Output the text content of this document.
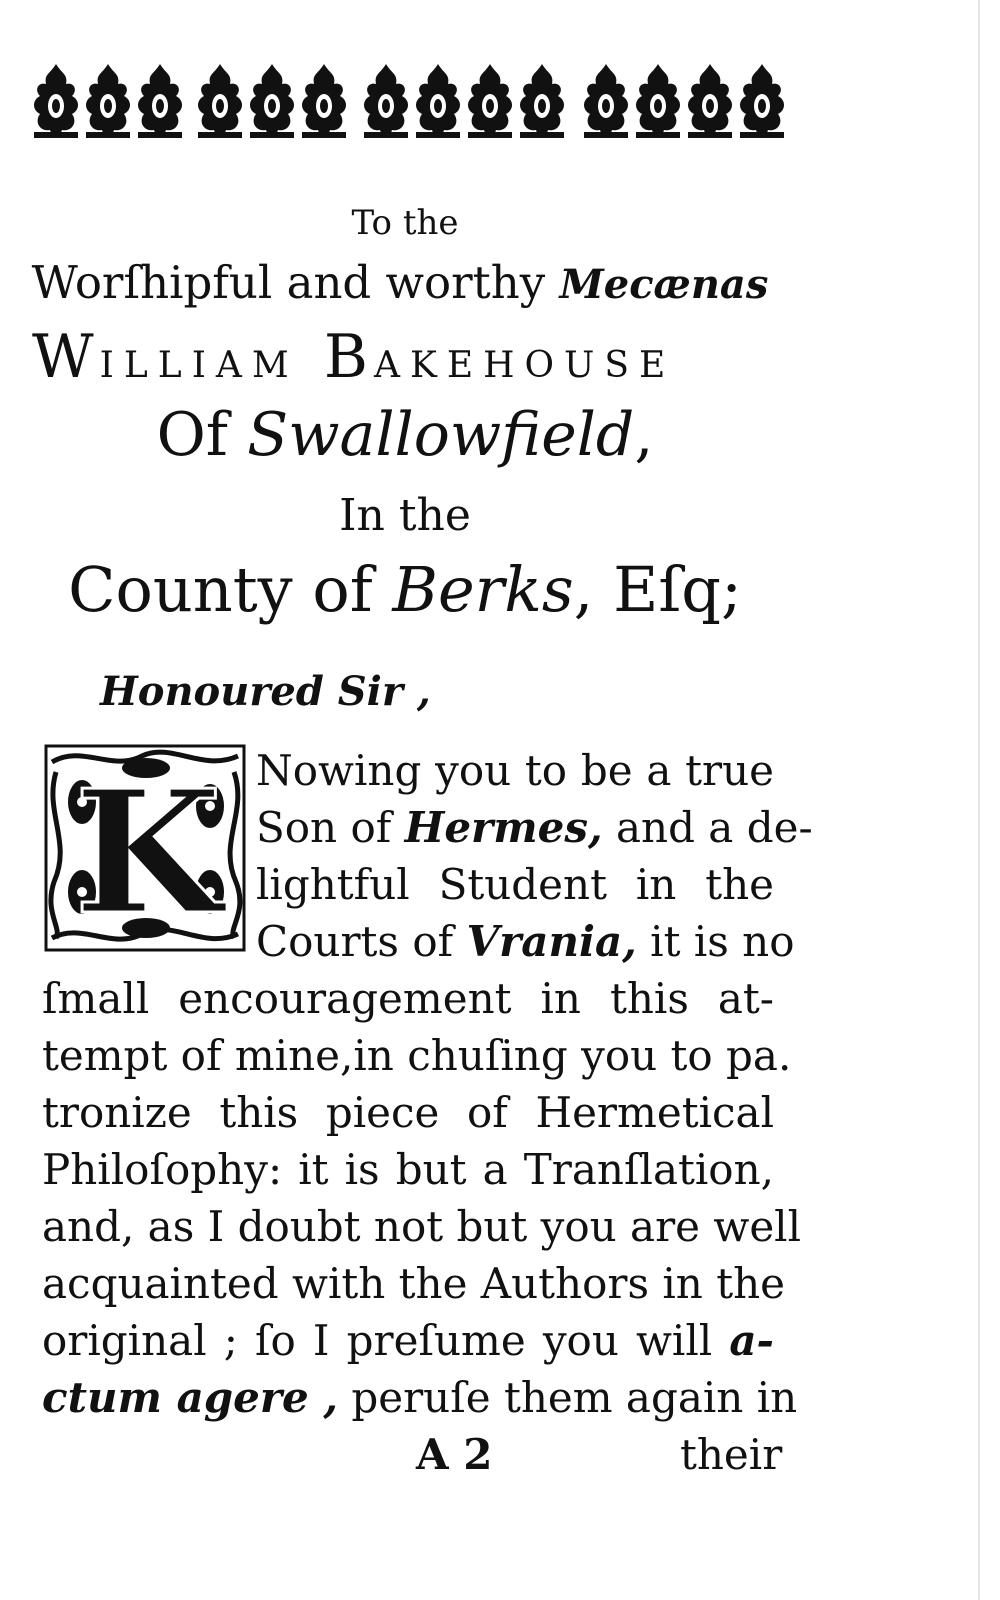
To the
Worſhipful and worthy Mecænas
WILLIAM BAKEHOUSE
Of Swallowfield,
In the
County of Berks, Eſq;
Honoured Sir ,
K Nowing you to be a true
Son of Hermes, and a de-
lightful Student in the
Courts of Vrania, it is no
ſmall encouragement in this at-
tempt of mine,in chuſing you to pa.
tronize this piece of Hermetical
Philoſophy: it is but a Tranſlation,
and, as I doubt not but you are well
acquainted with the Authors in the
original ; ſo I preſume you will a-
ctum agere , peruſe them again in
A 2	their
